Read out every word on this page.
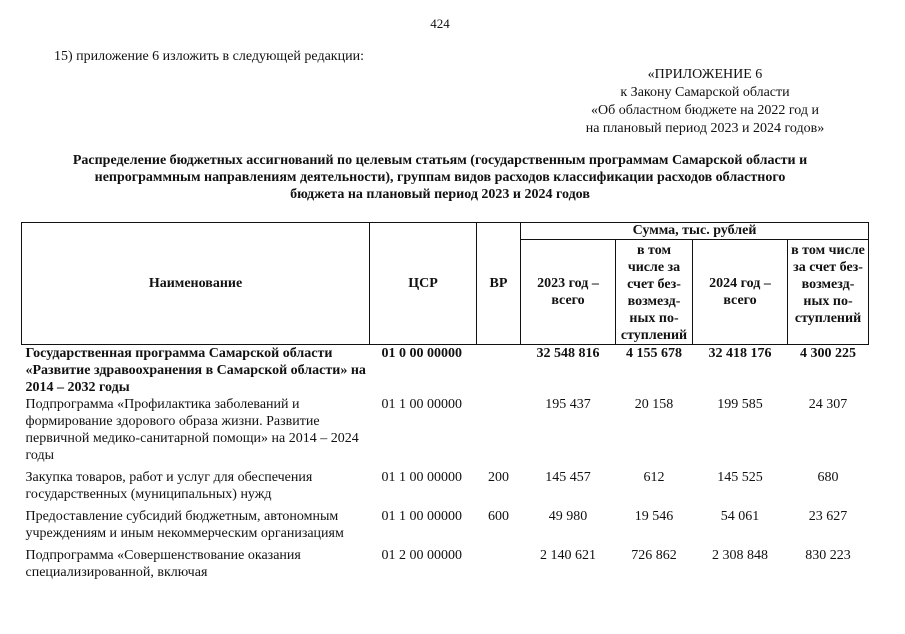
424
15) приложение 6 изложить в следующей редакции:
«ПРИЛОЖЕНИЕ 6
к Закону Самарской области
«Об областном бюджете на 2022 год и
на плановый период 2023 и 2024 годов»
Распределение бюджетных ассигнований по целевым статьям (государственным программам Самарской области и
непрограммным направлениям деятельности), группам видов расходов классификации расходов областного
бюджета на плановый период 2023 и 2024 годов
Наименование	ЦСР	ВР	Сумма, тыс. рублей			
			2023 год – всего	в том числе за счет без-возмезд-ных по-ступлений	2024 год – всего	в том числе за счет без-возмезд-ных по-ступлений
Государственная программа Самарской области «Развитие здравоохранения в Самарской области» на 2014 – 2032 годы	01 0 00 00000		32 548 816	4 155 678	32 418 176	4 300 225
Подпрограмма «Профилактика заболеваний и формирование здорового образа жизни. Развитие первичной медико-санитарной помощи» на 2014 – 2024 годы	01 1 00 00000		195 437	20 158	199 585	24 307
Закупка товаров, работ и услуг для обеспечения государственных (муниципальных) нужд	01 1 00 00000	200	145 457	612	145 525	680
Предоставление субсидий бюджетным, автономным учреждениям и иным некоммерческим организациям	01 1 00 00000	600	49 980	19 546	54 061	23 627
Подпрограмма «Совершенствование оказания специализированной, включая	01 2 00 00000		2 140 621	726 862	2 308 848	830 223
